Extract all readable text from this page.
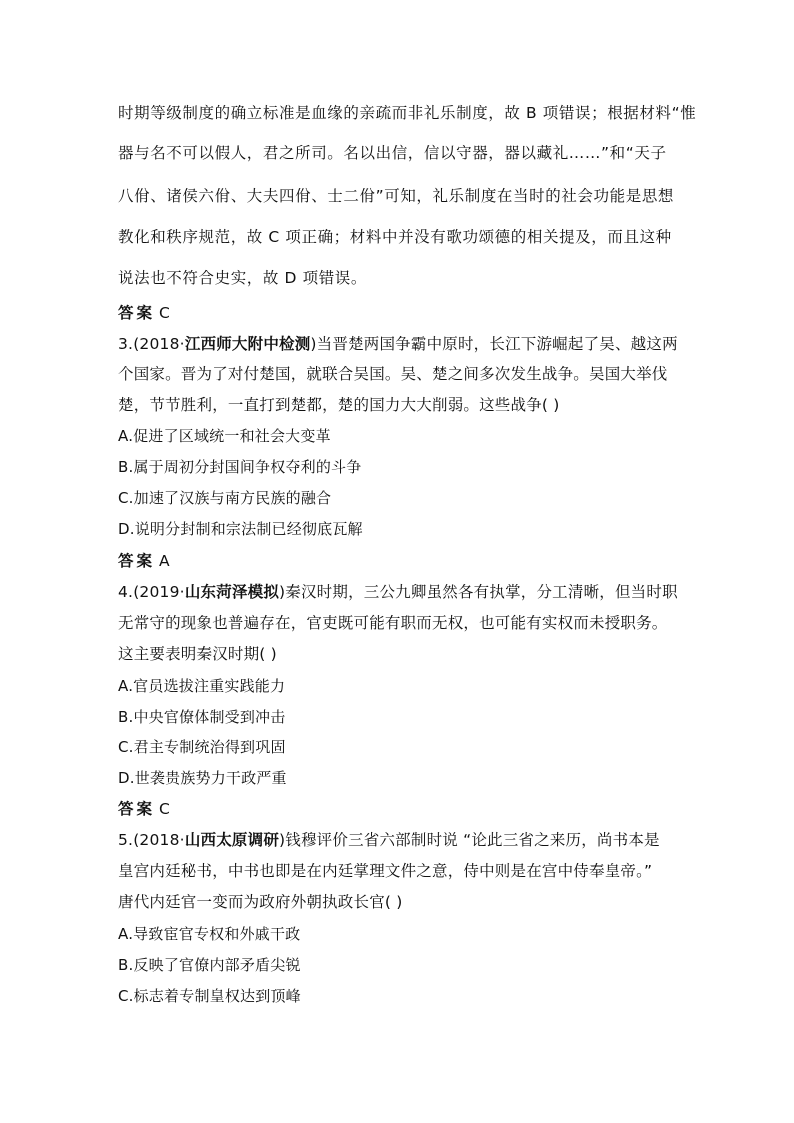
时期等级制度的确立标准是血缘的亲疏而非礼乐制度，故 B 项错误；根据材料“惟
器与名不可以假人，君之所司。名以出信，信以守器，器以藏礼……”和“天子
八佾、诸侯六佾、大夫四佾、士二佾”可知，礼乐制度在当时的社会功能是思想
教化和秩序规范，故 C 项正确；材料中并没有歌功颂德的相关提及，而且这种
说法也不符合史实，故 D 项错误。
答案 C
3.(2018·江西师大附中检测)当晋楚两国争霸中原时，长江下游崛起了吴、越这两
个国家。晋为了对付楚国，就联合吴国。吴、楚之间多次发生战争。吴国大举伐
楚，节节胜利，一直打到楚都，楚的国力大大削弱。这些战争( )
A.促进了区域统一和社会大变革
B.属于周初分封国间争权夺利的斗争
C.加速了汉族与南方民族的融合
D.说明分封制和宗法制已经彻底瓦解
答案 A
4.(2019·山东菏泽模拟)秦汉时期，三公九卿虽然各有执掌，分工清晰，但当时职
无常守的现象也普遍存在，官吏既可能有职而无权，也可能有实权而未授职务。
这主要表明秦汉时期( )
A.官员选拔注重实践能力
B.中央官僚体制受到冲击
C.君主专制统治得到巩固
D.世袭贵族势力干政严重
答案 C
5.(2018·山西太原调研)钱穆评价三省六部制时说 “论此三省之来历，尚书本是
皇宫内廷秘书，中书也即是在内廷掌理文件之意，侍中则是在宫中侍奉皇帝。”
唐代内廷官一变而为政府外朝执政长官( )
A.导致宦官专权和外戚干政
B.反映了官僚内部矛盾尖锐
C.标志着专制皇权达到顶峰
